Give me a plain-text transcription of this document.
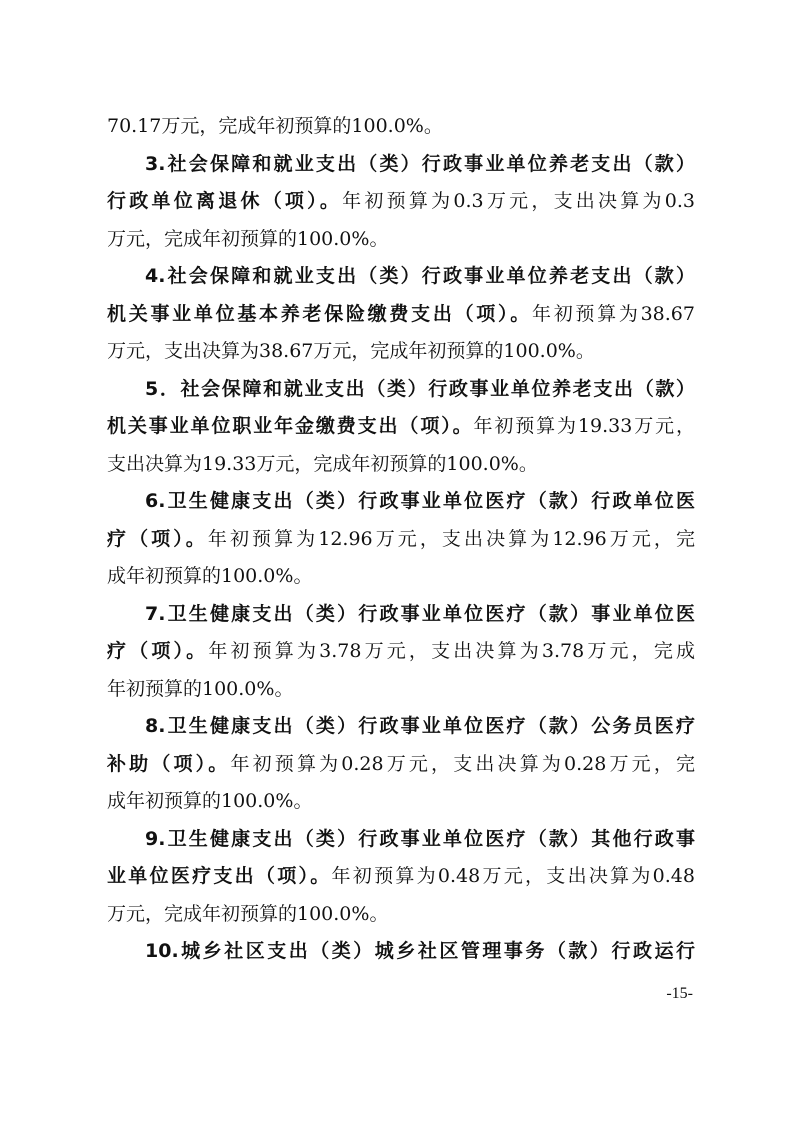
70.17万元，完成年初预算的100.0%。
3.社会保障和就业支出（类）行政事业单位养老支出（款）
行政单位离退休（项）。年初预算为0.3万元，支出决算为0.3
万元，完成年初预算的100.0%。
4.社会保障和就业支出（类）行政事业单位养老支出（款）
机关事业单位基本养老保险缴费支出（项）。年初预算为38.67
万元，支出决算为38.67万元，完成年初预算的100.0%。
5．社会保障和就业支出（类）行政事业单位养老支出（款）
机关事业单位职业年金缴费支出（项）。年初预算为19.33万元，
支出决算为19.33万元，完成年初预算的100.0%。
6.卫生健康支出（类）行政事业单位医疗（款）行政单位医
疗（项）。年初预算为12.96万元，支出决算为12.96万元，完
成年初预算的100.0%。
7.卫生健康支出（类）行政事业单位医疗（款）事业单位医
疗（项）。年初预算为3.78万元，支出决算为3.78万元，完成
年初预算的100.0%。
8.卫生健康支出（类）行政事业单位医疗（款）公务员医疗
补助（项）。年初预算为0.28万元，支出决算为0.28万元，完
成年初预算的100.0%。
9.卫生健康支出（类）行政事业单位医疗（款）其他行政事
业单位医疗支出（项）。年初预算为0.48万元，支出决算为0.48
万元，完成年初预算的100.0%。
10.城乡社区支出（类）城乡社区管理事务（款）行政运行
-15-
